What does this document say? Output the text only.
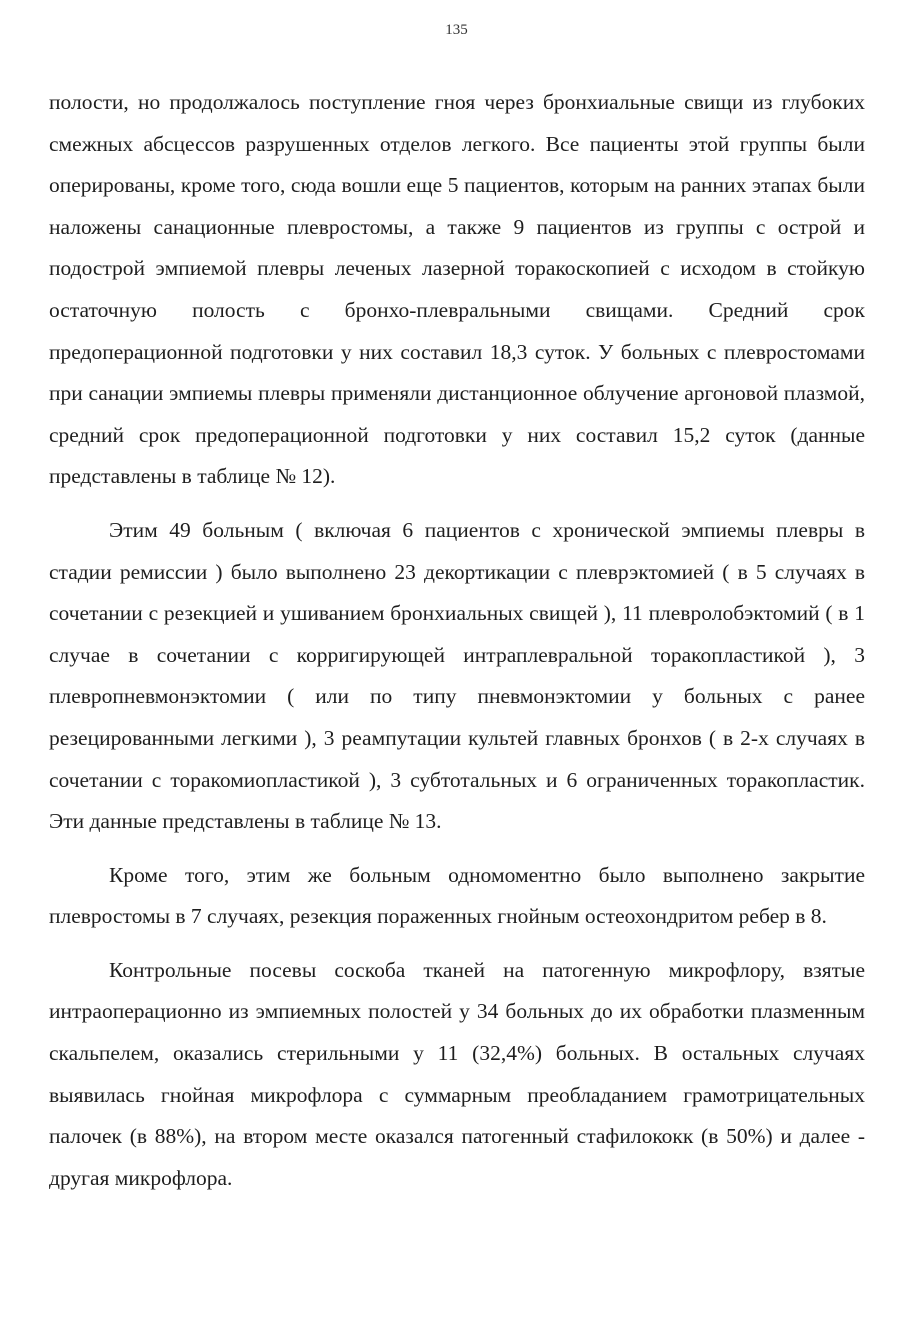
135

полости, но продолжалось поступление гноя через бронхиальные свищи из глубоких смежных абсцессов разрушенных отделов легкого. Все пациенты этой группы были оперированы, кроме того, сюда вошли еще 5 пациентов, которым на ранних этапах были наложены санационные плевростомы, а также 9 пациентов из группы с острой и подострой эмпиемой плевры леченых лазерной торакоскопией с исходом в стойкую остаточную полость с бронхо-плевральными свищами. Средний срок предоперационной подготовки у них составил 18,3 суток. У больных с плевростомами при санации эмпиемы плевры применяли дистанционное облучение аргоновой плазмой, средний срок предоперационной подготовки у них составил 15,2 суток (данные представлены в таблице № 12).

Этим 49 больным ( включая 6 пациентов с хронической эмпиемы плевры в стадии ремиссии ) было выполнено 23 декортикации с плеврэктомией ( в 5 случаях в сочетании с резекцией и ушиванием бронхиальных свищей ), 11 плевролобэктомий ( в 1 случае в сочетании с корригирующей интраплевральной торакопластикой ), 3 плевропневмонэктомии ( или по типу пневмонэктомии у больных с ранее резецированными легкими ), 3 реампутации культей главных бронхов ( в 2-х случаях в сочетании с торакомиопластикой ), 3 субтотальных и 6 ограниченных торакопластик. Эти данные представлены в таблице № 13.

Кроме того, этим же больным одномоментно было выполнено закрытие плевростомы в 7 случаях, резекция пораженных гнойным остеохондритом ребер в 8.

Контрольные посевы соскоба тканей на патогенную микрофлору, взятые интраоперационно из эмпиемных полостей у 34 больных до их обработки плазменным скальпелем, оказались стерильными у 11 (32,4%) больных. В остальных случаях выявилась гнойная микрофлора с суммарным преобладанием грамотрицательных палочек (в 88%), на втором месте оказался патогенный стафилококк (в 50%) и далее - другая микрофлора.
